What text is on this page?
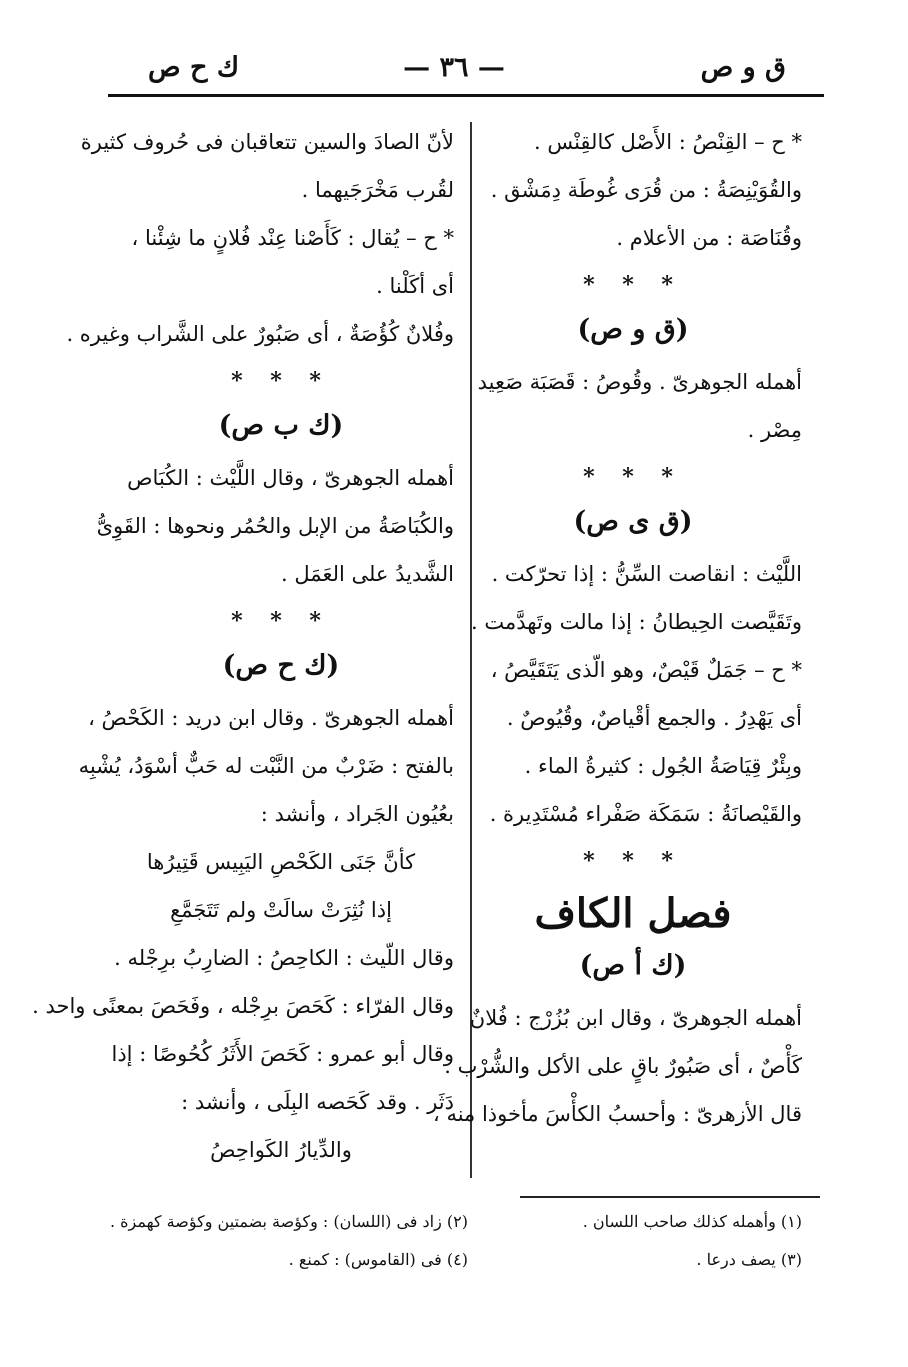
ق و ص
— ٣٦ —
ك ح ص
* ح – القِنْصُ : الأَصْل كالقِنْس .
والقُوَيْنِصَةُ : من قُرَى غُوطَة دِمَشْق .
وقُنَاصَة : من الأعلام .
* * *
(ق و ص)
أهمله الجوهرىّ . وقُوصُ : قَصَبَة صَعِيد
مِصْر .
* * *
(ق ى ص)
اللَّيْث : انقاصت السِّنُّ : إذا تحرّكت .
وتَقَيَّصت الحِيطانُ : إذا مالت وتَهدَّمت .
* ح – جَمَلٌ قَيْصٌ، وهو الّذى يَتَقَيَّصُ ،
أى يَهْدِرُ . والجمع أقْياصٌ، وقُيُوصٌ .
وبِئْرٌ قِيَاصَةُ الجُول : كثيرةُ الماء .
والقَيْصانَةُ : سَمَكَة صَفْراء مُسْتَدِيرة .
* * *
فصل الكاف
(ك أ ص)
أهمله الجوهرىّ ، وقال ابن بُزُرْج : فُلانٌ
كَأْصٌ ، أى صَبُورٌ باقٍ على الأكل والشُّرْب .
قال الأزهرىّ : وأحسبُ الكأْسَ مأخوذا منه ،
لأنّ الصادَ والسين تتعاقبان فى حُروف كثيرة
لقُرب مَخْرَجَيهما .
* ح – يُقال : كَأَصْنا عِنْد فُلانٍ ما شِئْنا ،
أى أكَلْنا .
وفُلانٌ كُؤُصَةٌ ، أى صَبُورٌ على الشَّراب وغيره .
* * *
(ك ب ص)
أهمله الجوهرىّ ، وقال اللَّيْث : الكُبَاص
والكُبَاصَةُ من الإبل والحُمُر ونحوها : القَوِىُّ
الشَّديدُ على العَمَل .
* * *
(ك ح ص)
أهمله الجوهرىّ . وقال ابن دريد : الكَحْصُ ،
بالفتح : ضَرْبٌ من النَّبْت له حَبٌّ أسْوَدُ، يُشْبِه
بعُيُون الجَراد ، وأنشد :
كأنَّ جَنَى الكَحْصِ اليَبِيس قَتِيرُها
إذا نُثِرَتْ سالَتْ ولم تَتَجَمَّعِ
وقال اللّيث : الكاحِصُ : الضارِبُ برِجْله .
وقال الفرّاء : كَحَصَ برِجْله ، وفَحَصَ بمعنًى واحد .
وقال أبو عمرو : كَحَصَ الأَثَرُ كُحُوصًا : إذا
دَثَر . وقد كَحَصه البِلَى ، وأنشد :
والدِّيارُ الكَواحِصُ
(١) وأهمله كذلك صاحب اللسان .
(٣) يصف درعا .
(٢) زاد فى (اللسان) : وكؤصة بضمتين وكؤصة كهمزة .
(٤) فى (القاموس) : كمنع .
